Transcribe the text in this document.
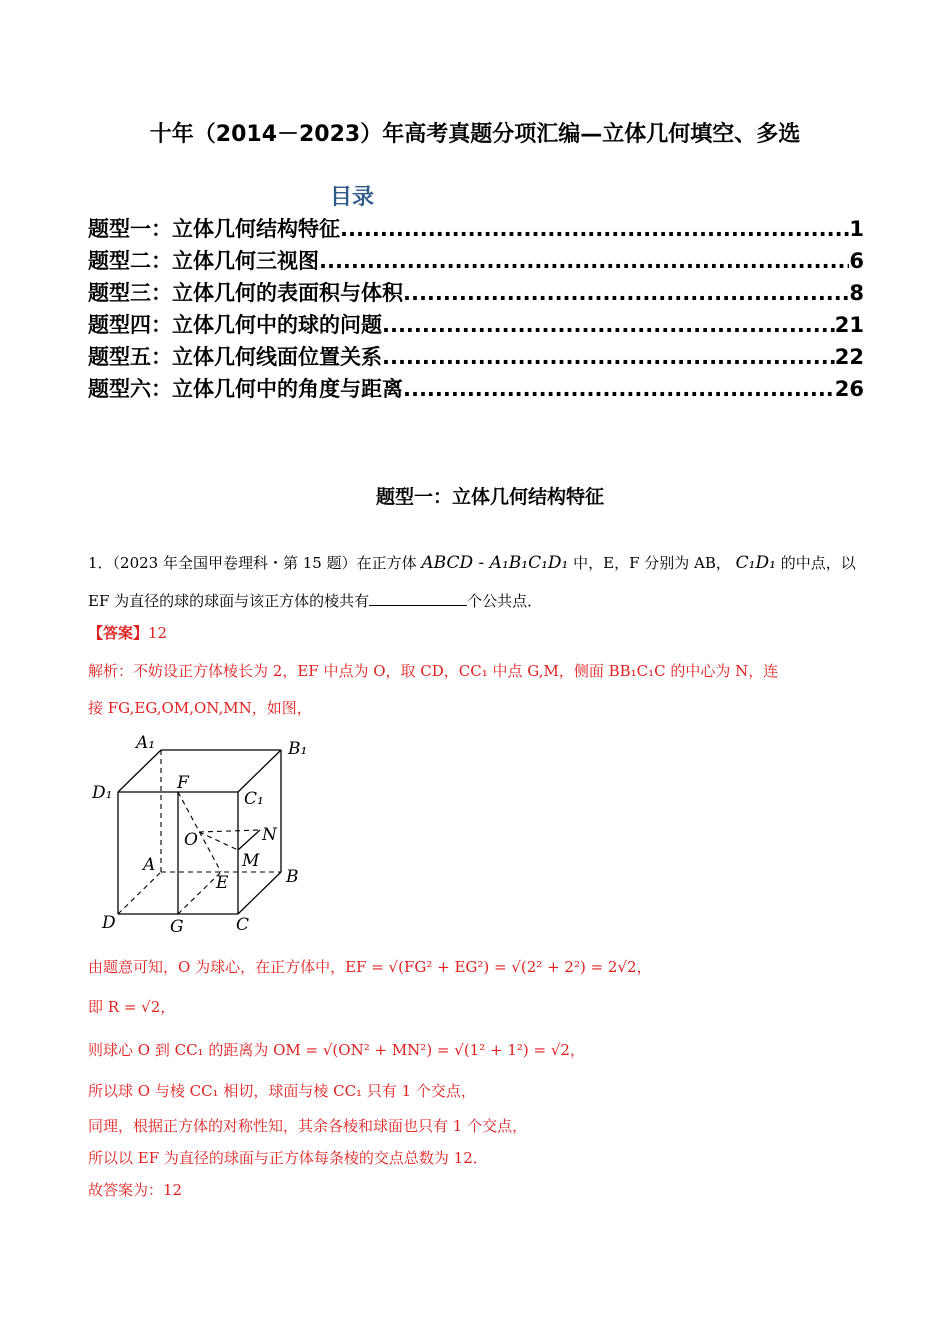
十年（2014－2023）年高考真题分项汇编—立体几何填空、多选
目录
题型一：立体几何结构特征 .....	1
题型二：立体几何三视图 .....	6
题型三：立体几何的表面积与体积 .....	8
题型四：立体几何中的球的问题 .....	21
题型五：立体几何线面位置关系 .....	22
题型六：立体几何中的角度与距离 .....	26
题型一：立体几何结构特征
1．（2023 年全国甲卷理科・第 15 题）在正方体 ABCD - A₁B₁C₁D₁ 中，E，F 分别为 AB， C₁D₁ 的中点，以
EF 为直径的球的球面与该正方体的棱共有	个公共点．
【答案】12
解析：不妨设正方体棱长为 2，EF 中点为 O，取 CD，CC₁ 中点 G,M，侧面 BB₁C₁C 的中心为 N，连
接 FG,EG,OM,ON,MN，如图，
A₁	B₁
D₁	C₁
F
O	N
M
A
E	B
D	G	C
由题意可知，O 为球心，在正方体中，EF = √(FG² + EG²) = √(2² + 2²) = 2√2，
即 R = √2，
则球心 O 到 CC₁ 的距离为 OM = √(ON² + MN²) = √(1² + 1²) = √2，
所以球 O 与棱 CC₁ 相切，球面与棱 CC₁ 只有 1 个交点，
同理，根据正方体的对称性知，其余各棱和球面也只有 1 个交点，
所以以 EF 为直径的球面与正方体每条棱的交点总数为 12．
故答案为：12
